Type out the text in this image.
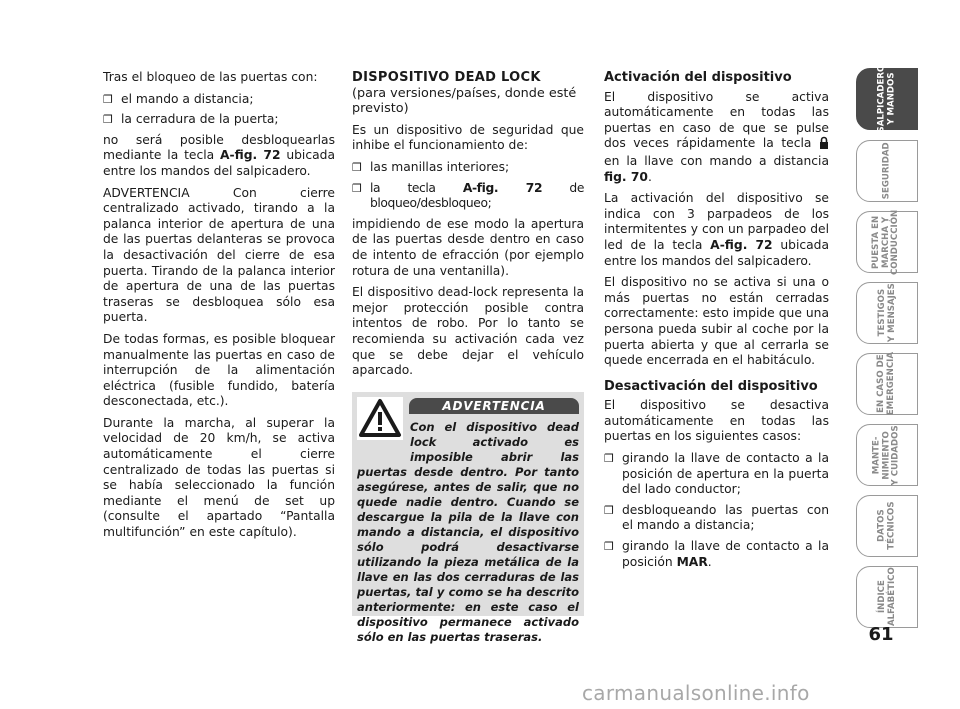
Tras el bloqueo de las puertas con:

❒ el mando a distancia;
❒ la cerradura de la puerta;

no será posible desbloquearlas mediante la tecla A-fig. 72 ubicada entre los mandos del salpicadero.

ADVERTENCIA Con cierre centralizado activado, tirando a la palanca interior de apertura de una de las puertas delanteras se provoca la desactivación del cierre de esa puerta. Tirando de la palanca interior de apertura de una de las puertas traseras se desbloquea sólo esa puerta.

De todas formas, es posible bloquear manualmente las puertas en caso de interrupción de la alimentación eléctrica (fusible fundido, batería desconectada, etc.).

Durante la marcha, al superar la velocidad de 20 km/h, se activa automáticamente el cierre centralizado de todas las puertas si se había seleccionado la función mediante el menú de set up (consulte el apartado “Pantalla multifunción” en este capítulo).

DISPOSITIVO DEAD LOCK

(para versiones/países, donde esté previsto)

Es un dispositivo de seguridad que inhibe el funcionamiento de:

❒ las manillas interiores;
❒ la tecla A-fig. 72 de bloqueo/desbloqueo;

impidiendo de ese modo la apertura de las puertas desde dentro en caso de intento de efracción (por ejemplo rotura de una ventanilla).

El dispositivo dead-lock representa la mejor protección posible contra intentos de robo. Por lo tanto se recomienda su activación cada vez que se debe dejar el vehículo aparcado.

ADVERTENCIA
Con el dispositivo dead lock activado es imposible abrir las puertas desde dentro. Por tanto asegúrese, antes de salir, que no quede nadie dentro. Cuando se descargue la pila de la llave con mando a distancia, el dispositivo sólo podrá desactivarse utilizando la pieza metálica de la llave en las dos cerraduras de las puertas, tal y como se ha descrito anteriormente: en este caso el dispositivo permanece activado sólo en las puertas traseras.

Activación del dispositivo

El dispositivo se activa automáticamente en todas las puertas en caso de que se pulse dos veces rápidamente la tecla  en la llave con mando a distancia fig. 70.

La activación del dispositivo se indica con 3 parpadeos de los intermitentes y con un parpadeo del led de la tecla A-fig. 72 ubicada entre los mandos del salpicadero.

El dispositivo no se activa si una o más puertas no están cerradas correctamente: esto impide que una persona pueda subir al coche por la puerta abierta y que al cerrarla se quede encerrada en el habitáculo.

Desactivación del dispositivo

El dispositivo se desactiva automáticamente en todas las puertas en los siguientes casos:

❒ girando la llave de contacto a la posición de apertura en la puerta del lado conductor;
❒ desbloqueando las puertas con el mando a distancia;
❒ girando la llave de contacto a la posición MAR.
SALPICADERO
Y MANDOS
SEGURIDAD
PUESTA EN
MARCHA Y
CONDUCCIÓN
TESTIGOS
Y MENSAJES
EN CASO DE
EMERGENCIA
MANTE-
NIMIENTO
Y CUIDADOS
DATOS
TÉCNICOS
ÍNDICE
ALFABÉTICO
61
carmanualsonline.info
